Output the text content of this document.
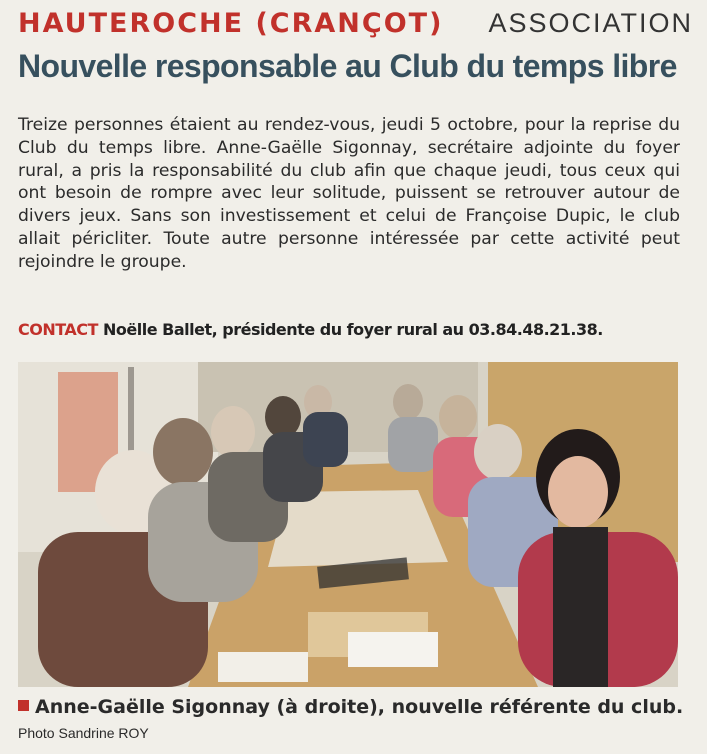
HAUTEROCHE (CRANÇOT) ASSOCIATION
Nouvelle responsable au Club du temps libre
Treize personnes étaient au rendez-vous, jeudi 5 octobre, pour la reprise du Club du temps libre. Anne-Gaëlle Sigonnay, secrétaire adjointe du foyer rural, a pris la responsabilité du club afin que chaque jeudi, tous ceux qui ont besoin de rompre avec leur solitude, puissent se retrouver autour de divers jeux. Sans son investissement et celui de Françoise Dupic, le club allait péricliter. Toute autre personne intéressée par cette activité peut rejoindre le groupe.
CONTACT Noëlle Ballet, présidente du foyer rural au 03.84.48.21.38.
Anne-Gaëlle Sigonnay (à droite), nouvelle référente du club. Photo Sandrine ROY
